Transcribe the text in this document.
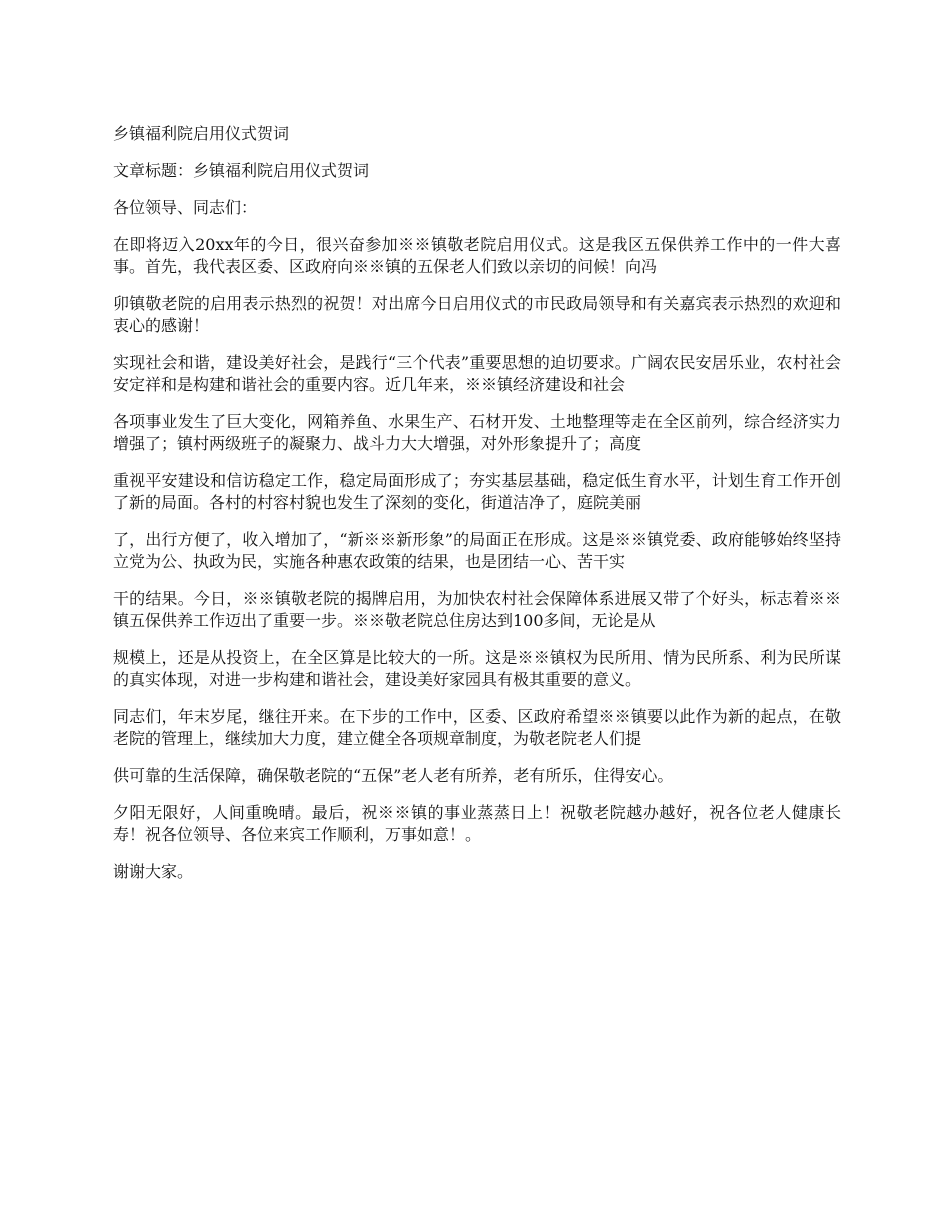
乡镇福利院启用仪式贺词

文章标题：乡镇福利院启用仪式贺词

各位领导、同志们：

在即将迈入20xx年的今日，很兴奋参加※※镇敬老院启用仪式。这是我区五保供养工作中的一件大喜事。首先，我代表区委、区政府向※※镇的五保老人们致以亲切的问候！向冯

卯镇敬老院的启用表示热烈的祝贺！对出席今日启用仪式的市民政局领导和有关嘉宾表示热烈的欢迎和衷心的感谢！

实现社会和谐，建设美好社会，是践行“三个代表”重要思想的迫切要求。广阔农民安居乐业，农村社会安定祥和是构建和谐社会的重要内容。近几年来，※※镇经济建设和社会

各项事业发生了巨大变化，网箱养鱼、水果生产、石材开发、土地整理等走在全区前列，综合经济实力增强了；镇村两级班子的凝聚力、战斗力大大增强，对外形象提升了；高度

重视平安建设和信访稳定工作，稳定局面形成了；夯实基层基础，稳定低生育水平，计划生育工作开创了新的局面。各村的村容村貌也发生了深刻的变化，街道洁净了，庭院美丽

了，出行方便了，收入增加了，“新※※新形象”的局面正在形成。这是※※镇党委、政府能够始终坚持立党为公、执政为民，实施各种惠农政策的结果，也是团结一心、苦干实

干的结果。今日，※※镇敬老院的揭牌启用，为加快农村社会保障体系进展又带了个好头，标志着※※镇五保供养工作迈出了重要一步。※※敬老院总住房达到100多间，无论是从

规模上，还是从投资上，在全区算是比较大的一所。这是※※镇权为民所用、情为民所系、利为民所谋的真实体现，对进一步构建和谐社会，建设美好家园具有极其重要的意义。

同志们，年末岁尾，继往开来。在下步的工作中，区委、区政府希望※※镇要以此作为新的起点，在敬老院的管理上，继续加大力度，建立健全各项规章制度，为敬老院老人们提

供可靠的生活保障，确保敬老院的“五保”老人老有所养，老有所乐，住得安心。

夕阳无限好，人间重晚晴。最后，祝※※镇的事业蒸蒸日上！祝敬老院越办越好，祝各位老人健康长寿！祝各位领导、各位来宾工作顺利，万事如意！。

谢谢大家。
